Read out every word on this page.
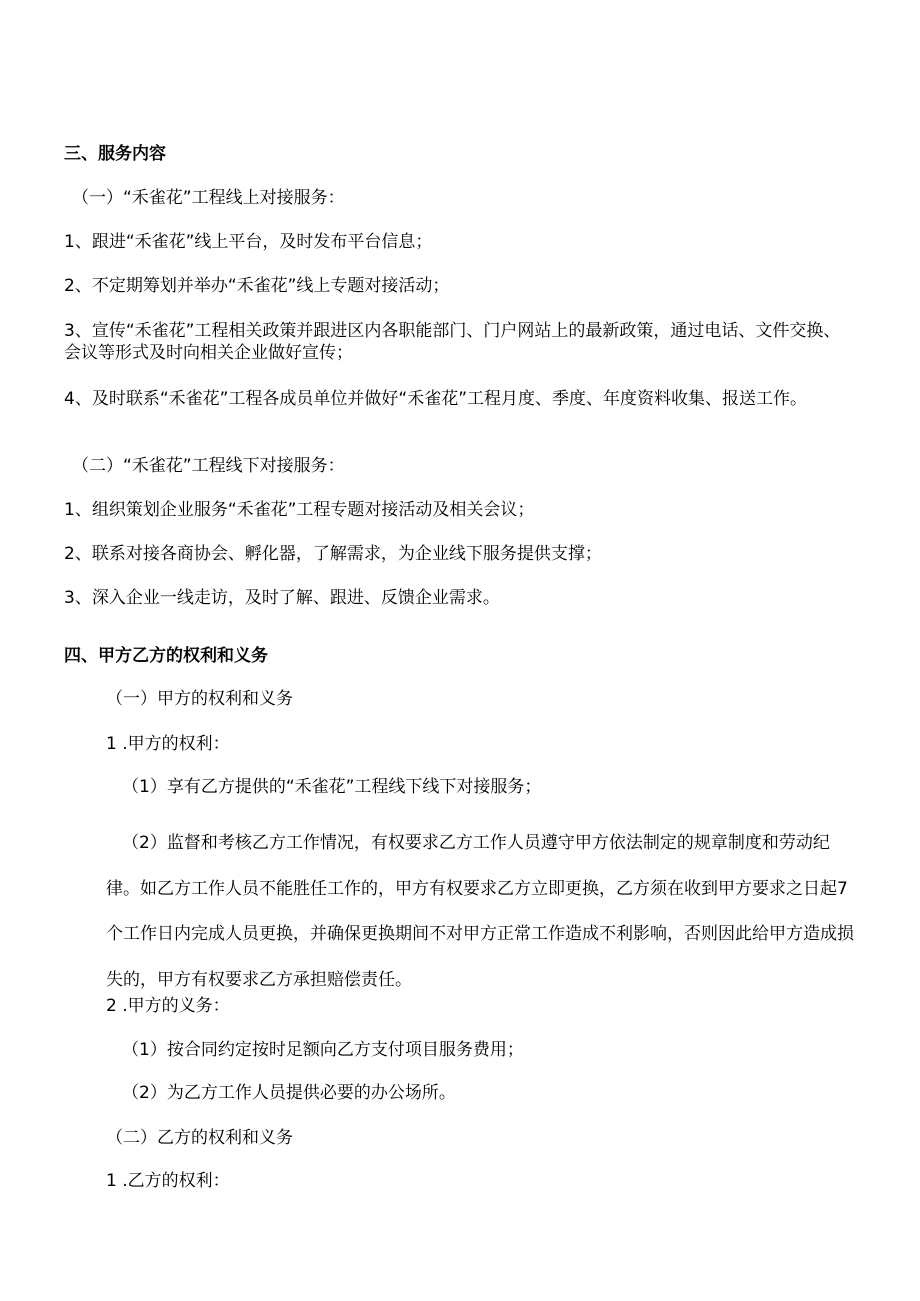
三、服务内容

（一）“禾雀花”工程线上对接服务：

1、跟进“禾雀花”线上平台，及时发布平台信息；

2、不定期筹划并举办“禾雀花”线上专题对接活动；

3、宣传“禾雀花”工程相关政策并跟进区内各职能部门、门户网站上的最新政策，通过电话、文件交换、会议等形式及时向相关企业做好宣传；

4、及时联系“禾雀花”工程各成员单位并做好“禾雀花”工程月度、季度、年度资料收集、报送工作。

（二）“禾雀花”工程线下对接服务：

1、组织策划企业服务“禾雀花”工程专题对接活动及相关会议；

2、联系对接各商协会、孵化器，了解需求，为企业线下服务提供支撑；

3、深入企业一线走访，及时了解、跟进、反馈企业需求。

四、甲方乙方的权利和义务

（一）甲方的权利和义务

1 .甲方的权利：

（1）享有乙方提供的“禾雀花”工程线下线下对接服务；

（2）监督和考核乙方工作情况，有权要求乙方工作人员遵守甲方依法制定的规章制度和劳动纪律。如乙方工作人员不能胜任工作的，甲方有权要求乙方立即更换，乙方须在收到甲方要求之日起7个工作日内完成人员更换，并确保更换期间不对甲方正常工作造成不利影响，否则因此给甲方造成损失的，甲方有权要求乙方承担赔偿责任。

2 .甲方的义务：

（1）按合同约定按时足额向乙方支付项目服务费用；

（2）为乙方工作人员提供必要的办公场所。

（二）乙方的权利和义务

1 .乙方的权利：
